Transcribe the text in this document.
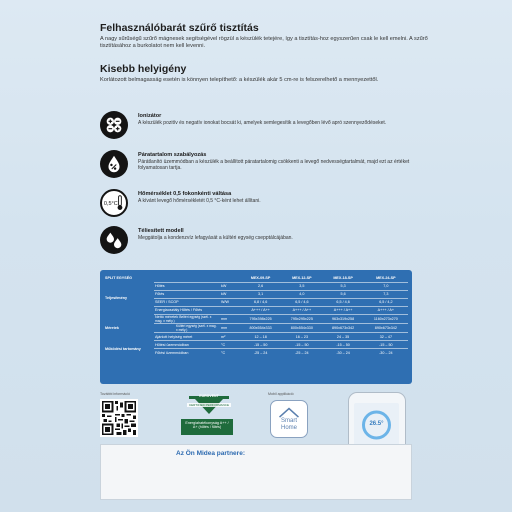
Felhasználóbarát szűrő tisztítás
A nagy sűrűségű szűrő mágnesek segítségével rögzül a készülék tetejére, így a tisztítás-hoz egyszerűen csak le kell emelni. A szűrő tisztításához a burkolatot nem kell levenni.
Kisebb helyigény
Korlátozott belmagasság esetén is könnyen telepíthető: a készülék akár 5 cm-re is felszerelhető a mennyezettől.
Ionizátor
A készülék pozitív és negatív ionokat bocsát ki, amelyek semlegesítik a levegőben lévő apró szennyeződéseket.
Páratartalom szabályozás
Párátlanító üzemmódban a készülék a beállított páratartalomig csökkenti a levegő nedvességtartalmát, majd ezt az értéket folyamatosan tartja.
0,5°C
Hőmérséklet 0,5 fokonkénti váltása
A kívánt levegő hőmérsékletét 0,5 °C-ként lehet állítani.
Téliesített modell
Meggátolja a kondenzvíz lefagyását a kültéri egység csepptálcájában.
SPLIT EGYSÉG			MEX-09-SP	MEX-12-SP	MEX-18-SP	MEX-24-SP
Teljesítmény	Hűtés	kW	2,6	3,5	5,3	7,0
	Fűtés	kW	3,1	4,0	5,6	7,3
	SEER / SCOP	W/W	6,8 / 4,6	6,5 / 4,6	6,5 / 4,6	6,5 / 4,2
	Energiaosztály Hűtés / Fűtés		A+++ / A++	A+++ / A++	A+++ / A++	A+++ / A+
Méretek	Nettó méretek Beltéri egység (szél. x mag. x mély.)	mm	795x398x225	795x295x225	963x319x258	1160x273x270
	Kültéri egység (szél. x mag. x mély.)	mm	800x554x333	800x554x330	890x673x342	890x673x342
	Ajánlott helyiség méret	m²	12 – 18	16 – 23	24 – 35	32 – 47
Működési tartomány	Hűtési üzemmódban	°C	-15 – 50	-15 – 50	-15 – 50	-15 – 50
	Fűtési üzemmódban	°C	-25 – 24	-25 – 24	-30 – 24	-30 – 24
További információ	EUROVENT
CERTIFIED PERFORMANCE
Energiahatékonyság A++ / A+ (hűtés / fűtés)
Mobil applikáció
Smart
Home
26.5°
Az Ön Midea partnere:
